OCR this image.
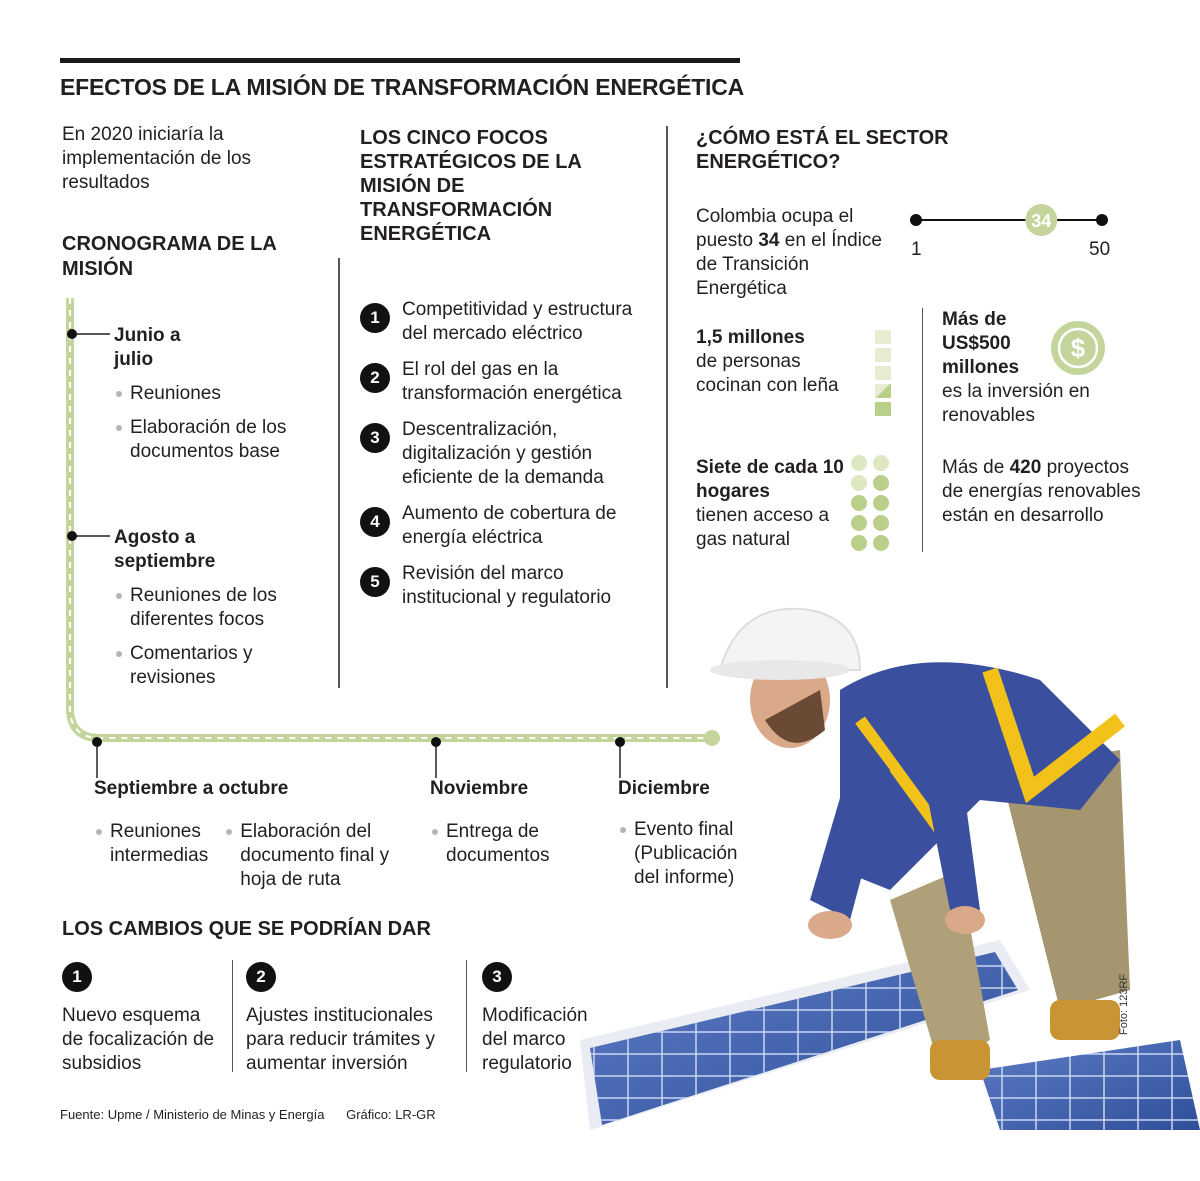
EFECTOS DE LA MISIÓN DE TRANSFORMACIÓN ENERGÉTICA
En 2020 iniciaría la implementación de los resultados
CRONOGRAMA DE LA MISIÓN
Junio a julio
Reuniones
Elaboración de los documentos base
Agosto a septiembre
Reuniones de los diferentes focos
Comentarios y revisiones
Septiembre a octubre
Reuniones intermedias
Elaboración del documento final y hoja de ruta
Noviembre
Entrega de documentos
Diciembre
Evento final (Publicación del informe)
LOS CINCO FOCOS ESTRATÉGICOS DE LA MISIÓN DE TRANSFORMACIÓN ENERGÉTICA
1	Competitividad y estructura del mercado eléctrico
2	El rol del gas en la transformación energética
3	Descentralización, digitalización y gestión eficiente de la demanda
4	Aumento de cobertura de energía eléctrica
5	Revisión del marco institucional y regulatorio
¿CÓMO ESTÁ EL SECTOR ENERGÉTICO?
Colombia ocupa el puesto 34 en el Índice de Transición Energética
34
1	50
1,5 millones
de personas cocinan con leña
Más de US$500 millones
es la inversión en renovables
$
Siete de cada 10 hogares
tienen acceso a gas natural
Más de 420 proyectos de energías renovables están en desarrollo
Foto: 123RF
LOS CAMBIOS QUE SE PODRÍAN DAR
1
Nuevo esquema de focalización de subsidios
2
Ajustes institucionales para reducir trámites y aumentar inversión
3
Modificación del marco regulatorio
Fuente: Upme / Ministerio de Minas y Energía Gráfico: LR-GR
